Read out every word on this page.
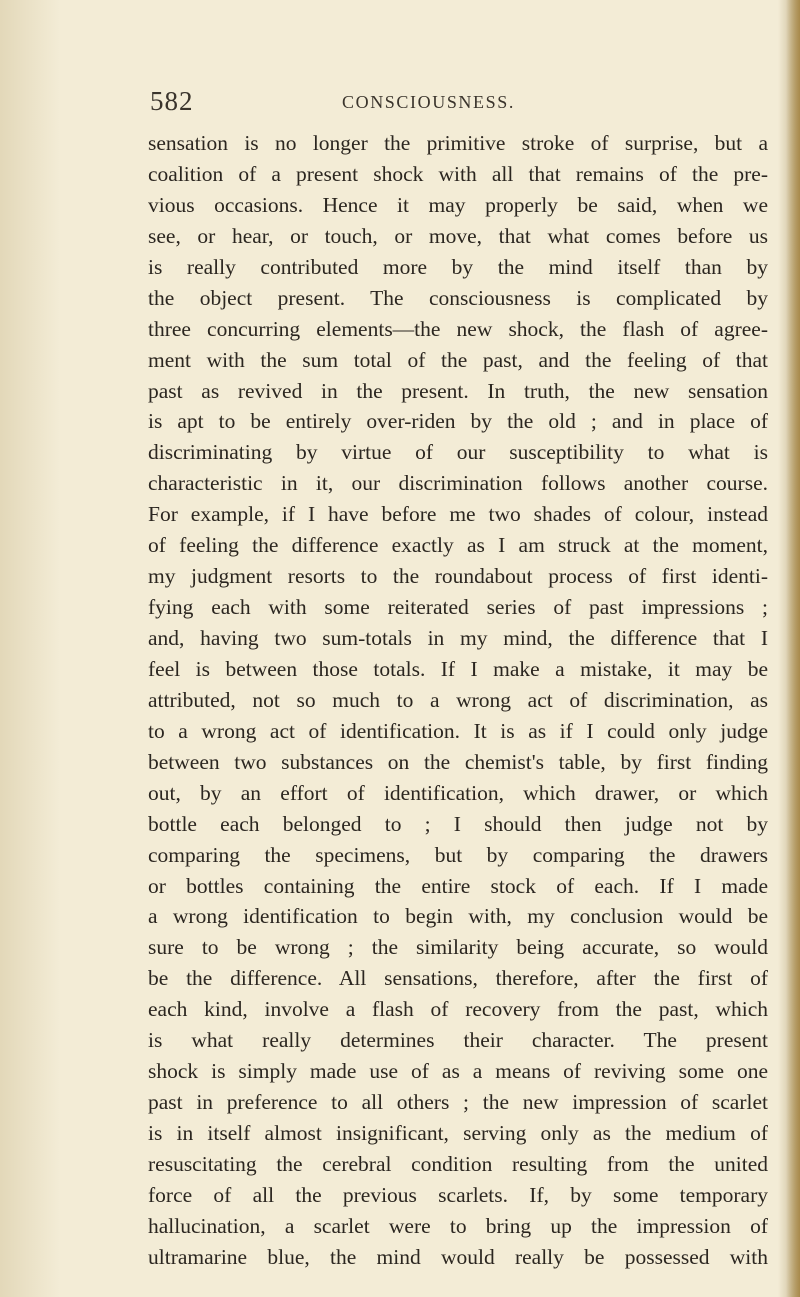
582	CONSCIOUSNESS.
sensation is no longer the primitive stroke of surprise, but a
coalition of a present shock with all that remains of the pre-
vious occasions. Hence it may properly be said, when we
see, or hear, or touch, or move, that what comes before us
is really contributed more by the mind itself than by
the object present. The consciousness is complicated by
three concurring elements—the new shock, the flash of agree-
ment with the sum total of the past, and the feeling of that
past as revived in the present. In truth, the new sensation
is apt to be entirely over-riden by the old ; and in place of
discriminating by virtue of our susceptibility to what is
characteristic in it, our discrimination follows another course.
For example, if I have before me two shades of colour, instead
of feeling the difference exactly as I am struck at the moment,
my judgment resorts to the roundabout process of first identi-
fying each with some reiterated series of past impressions ;
and, having two sum-totals in my mind, the difference that I
feel is between those totals. If I make a mistake, it may be
attributed, not so much to a wrong act of discrimination, as
to a wrong act of identification. It is as if I could only judge
between two substances on the chemist's table, by first finding
out, by an effort of identification, which drawer, or which
bottle each belonged to ; I should then judge not by
comparing the specimens, but by comparing the drawers
or bottles containing the entire stock of each. If I made
a wrong identification to begin with, my conclusion would be
sure to be wrong ; the similarity being accurate, so would
be the difference. All sensations, therefore, after the first of
each kind, involve a flash of recovery from the past, which
is what really determines their character. The present
shock is simply made use of as a means of reviving some one
past in preference to all others ; the new impression of scarlet
is in itself almost insignificant, serving only as the medium of
resuscitating the cerebral condition resulting from the united
force of all the previous scarlets. If, by some temporary
hallucination, a scarlet were to bring up the impression of
ultramarine blue, the mind would really be possessed with
